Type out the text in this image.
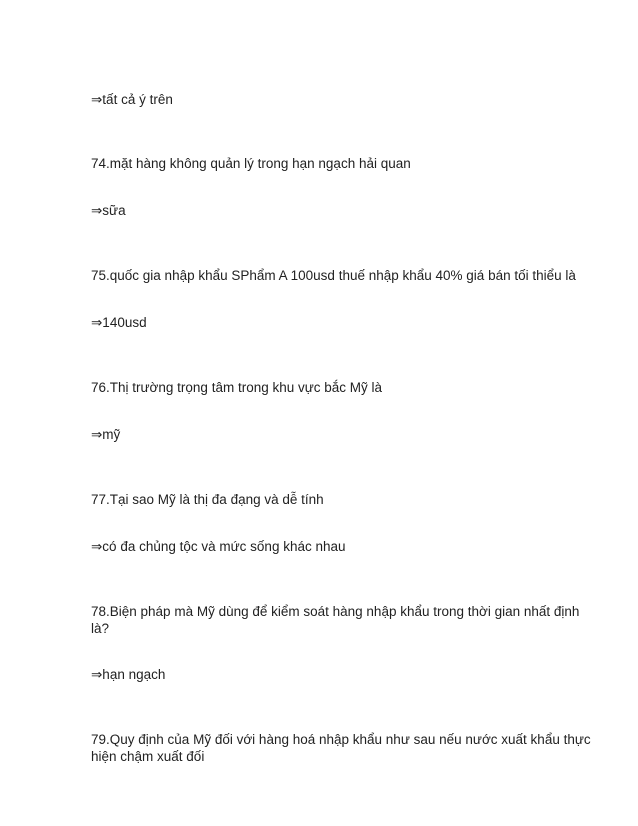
⇒tất cả ý trên
74.mặt hàng không quản lý trong hạn ngạch hải quan
⇒sữa
75.quốc gia nhập khẩu SPhẩm A 100usd thuế nhập khẩu 40% giá bán tối thiểu là
⇒140usd
76.Thị trường trọng tâm trong khu vực bắc Mỹ là
⇒mỹ
77.Tại sao Mỹ là thị đa đạng và dễ tính
⇒có đa chủng tộc và mức sống khác nhau
78.Biện pháp mà Mỹ dùng để kiểm soát hàng nhập khẩu trong thời gian nhất định là?
⇒hạn ngạch
79.Quy định của Mỹ đối với hàng hoá nhập khẩu như sau nếu nước xuất khẩu thực hiện chậm xuất đối
